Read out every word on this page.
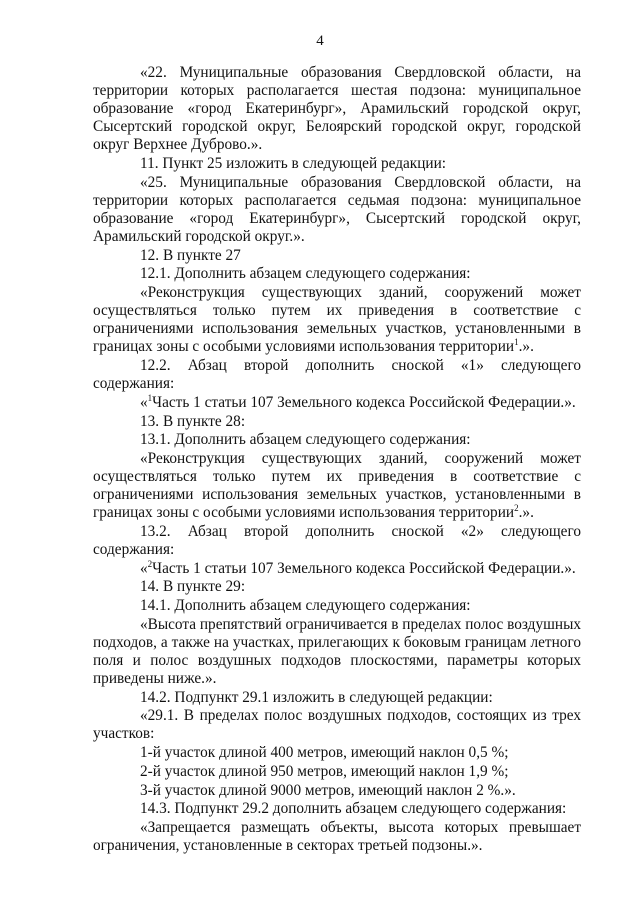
4

«22. Муниципальные образования Свердловской области, на территории которых располагается шестая подзона: муниципальное образование «город Екатеринбург», Арамильский городской округ, Сысертский городской округ, Белоярский городской округ, городской округ Верхнее Дуброво.».

11. Пункт 25 изложить в следующей редакции:

«25. Муниципальные образования Свердловской области, на территории которых располагается седьмая подзона: муниципальное образование «город Екатеринбург», Сысертский городской округ, Арамильский городской округ.».

12. В пункте 27

12.1. Дополнить абзацем следующего содержания:

«Реконструкция существующих зданий, сооружений может осуществляться только путем их приведения в соответствие с ограничениями использования земельных участков, установленными в границах зоны с особыми условиями использования территории$^1$.».

12.2. Абзац второй дополнить сноской «1» следующего содержания:

«$^1$Часть 1 статьи 107 Земельного кодекса Российской Федерации.».

13. В пункте 28:

13.1. Дополнить абзацем следующего содержания:

«Реконструкция существующих зданий, сооружений может осуществляться только путем их приведения в соответствие с ограничениями использования земельных участков, установленными в границах зоны с особыми условиями использования территории$^2$.».

13.2. Абзац второй дополнить сноской «2» следующего содержания:

«$^2$Часть 1 статьи 107 Земельного кодекса Российской Федерации.».

14. В пункте 29:

14.1. Дополнить абзацем следующего содержания:

«Высота препятствий ограничивается в пределах полос воздушных подходов, а также на участках, прилегающих к боковым границам летного поля и полос воздушных подходов плоскостями, параметры которых приведены ниже.».

14.2. Подпункт 29.1 изложить в следующей редакции:

«29.1. В пределах полос воздушных подходов, состоящих из трех участков:

1-й участок длиной 400 метров, имеющий наклон 0,5 %;

2-й участок длиной 950 метров, имеющий наклон 1,9 %;

3-й участок длиной 9000 метров, имеющий наклон 2 %.».

14.3. Подпункт 29.2 дополнить абзацем следующего содержания:

«Запрещается размещать объекты, высота которых превышает ограничения, установленные в секторах третьей подзоны.».
